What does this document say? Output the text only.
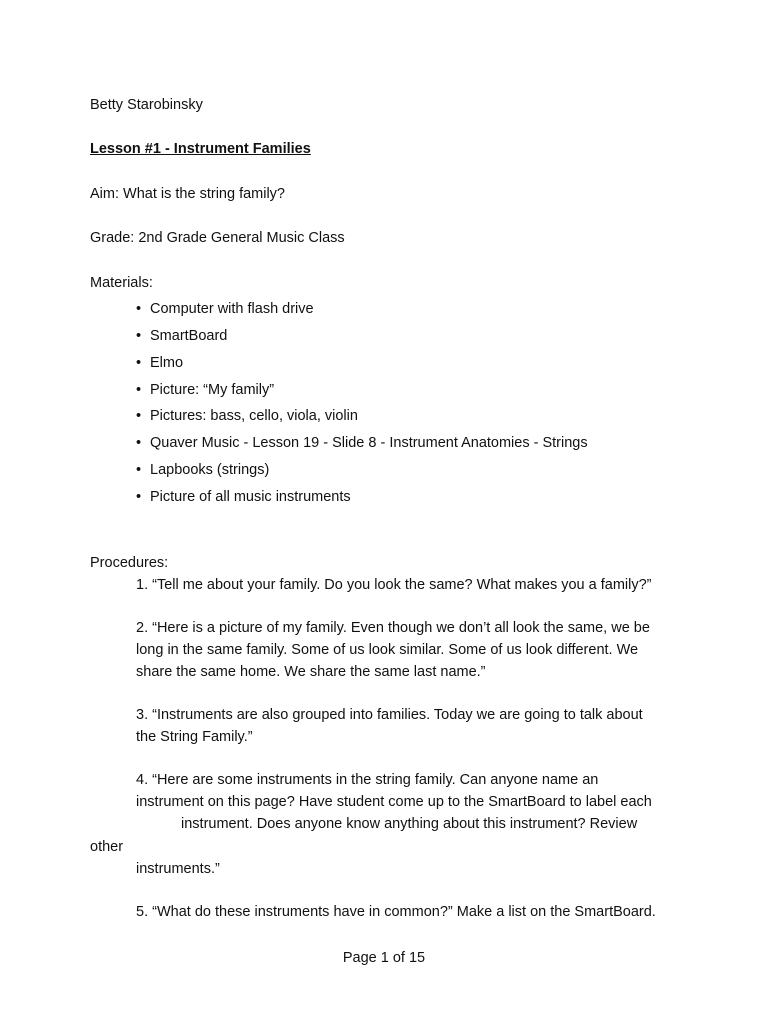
Betty Starobinsky
Lesson #1 - Instrument Families
Aim: What is the string family?
Grade: 2nd Grade General Music Class
Materials:
• Computer with flash drive
• SmartBoard
• Elmo
• Picture: “My family”
• Pictures: bass, cello, viola, violin
• Quaver Music - Lesson 19 - Slide 8 - Instrument Anatomies - Strings
• Lapbooks (strings)
• Picture of all music instruments
Procedures:
1. “Tell me about your family. Do you look the same? What makes you a family?”
2. “Here is a picture of my family. Even though we don’t all look the same, we be
long in the same family. Some of us look similar. Some of us look different. We
share the same home. We share the same last name.”
3. “Instruments are also grouped into families. Today we are going to talk about
the String Family.”
4. “Here are some instruments in the string family. Can anyone name an
instrument on this page? Have student come up to the SmartBoard to label each
instrument. Does anyone know anything about this instrument? Review
other
instruments.”
5. “What do these instruments have in common?” Make a list on the SmartBoard.
Page 1 of 15
